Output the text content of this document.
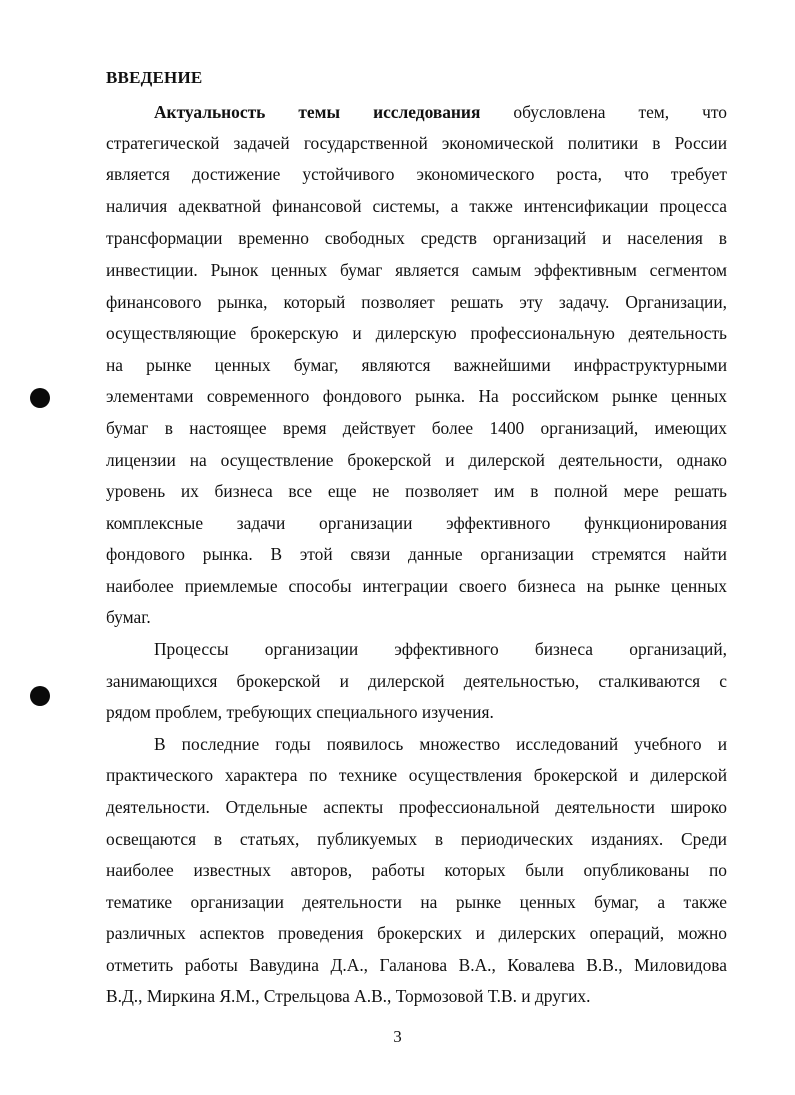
ВВЕДЕНИЕ
Актуальность темы исследования обусловлена тем, что
стратегической задачей государственной экономической политики в России
является достижение устойчивого экономического роста, что требует
наличия адекватной финансовой системы, а также интенсификации процесса
трансформации временно свободных средств организаций и населения в
инвестиции. Рынок ценных бумаг является самым эффективным сегментом
финансового рынка, который позволяет решать эту задачу. Организации,
осуществляющие брокерскую и дилерскую профессиональную деятельность
на рынке ценных бумаг, являются важнейшими инфраструктурными
элементами современного фондового рынка. На российском рынке ценных
бумаг в настоящее время действует более 1400 организаций, имеющих
лицензии на осуществление брокерской и дилерской деятельности, однако
уровень их бизнеса все еще не позволяет им в полной мере решать
комплексные задачи организации эффективного функционирования
фондового рынка. В этой связи данные организации стремятся найти
наиболее приемлемые способы интеграции своего бизнеса на рынке ценных
бумаг.
Процессы организации эффективного бизнеса организаций,
занимающихся брокерской и дилерской деятельностью, сталкиваются с
рядом проблем, требующих специального изучения.
В последние годы появилось множество исследований учебного и
практического характера по технике осуществления брокерской и дилерской
деятельности. Отдельные аспекты профессиональной деятельности широко
освещаются в статьях, публикуемых в периодических изданиях. Среди
наиболее известных авторов, работы которых были опубликованы по
тематике организации деятельности на рынке ценных бумаг, а также
различных аспектов проведения брокерских и дилерских операций, можно
отметить работы Вавудина Д.А., Галанова В.А., Ковалева В.В., Миловидова
В.Д., Миркина Я.М., Стрельцова А.В., Тормозовой Т.В. и других.
3
